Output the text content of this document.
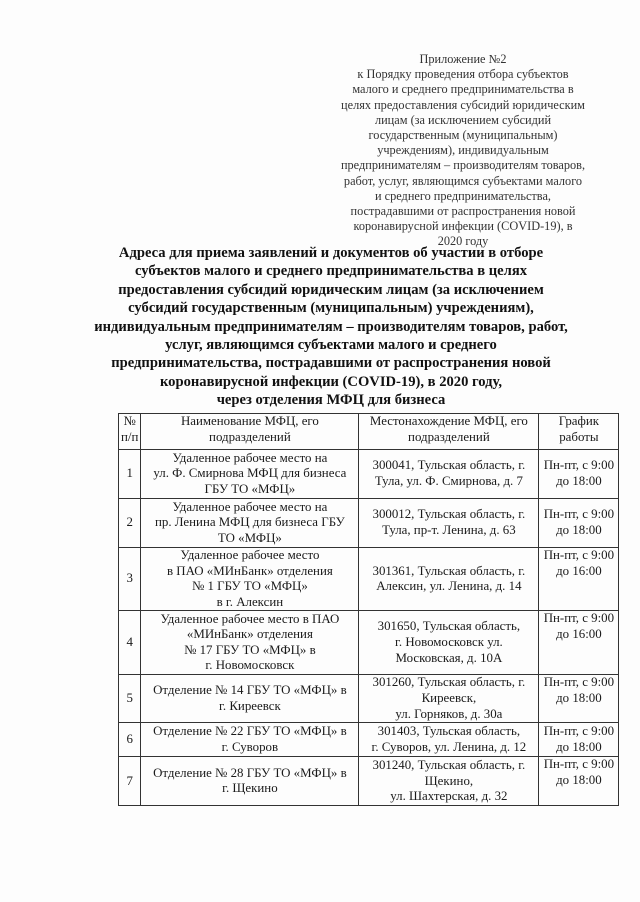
Приложение №2
к Порядку проведения отбора субъектов
малого и среднего предпринимательства в
целях предоставления субсидий юридическим
лицам (за исключением субсидий
государственным (муниципальным)
учреждениям), индивидуальным
предпринимателям – производителям товаров,
работ, услуг, являющимся субъектами малого
и среднего предпринимательства,
пострадавшими от распространения новой
коронавирусной инфекции (COVID-19), в
2020 году
Адреса для приема заявлений и документов об участии в отборе
субъектов малого и среднего предпринимательства в целях
предоставления субсидий юридическим лицам (за исключением
субсидий государственным (муниципальным) учреждениям),
индивидуальным предпринимателям – производителям товаров, работ,
услуг, являющимся субъектами малого и среднего
предпринимательства, пострадавшими от распространения новой
коронавирусной инфекции (COVID-19), в 2020 году,
через отделения МФЦ для бизнеса
№
п/п	Наименование МФЦ, его
подразделений	Местонахождение МФЦ, его
подразделений	График
работы

1	Удаленное рабочее место на
ул. Ф. Смирнова МФЦ для бизнеса
ГБУ ТО «МФЦ»	300041, Тульская область, г.
Тула, ул. Ф. Смирнова, д. 7	Пн-пт, с 9:00
до 18:00

2	Удаленное рабочее место на
пр. Ленина МФЦ для бизнеса ГБУ
ТО «МФЦ»	300012, Тульская область, г.
Тула, пр-т. Ленина, д. 63	Пн-пт, с 9:00
до 18:00

3	Удаленное рабочее место
в ПАО «МИнБанк» отделения
№ 1 ГБУ ТО «МФЦ»
в г. Алексин	301361, Тульская область, г.
Алексин, ул. Ленина, д. 14	Пн-пт, с 9:00
до 16:00

4	Удаленное рабочее место в ПАО
«МИнБанк» отделения
№ 17 ГБУ ТО «МФЦ» в
г. Новомосковск	301650, Тульская область,
г. Новомосковск ул.
Московская, д. 10А	Пн-пт, с 9:00
до 16:00

5	Отделение № 14 ГБУ ТО «МФЦ» в
г. Киреевск	301260, Тульская область, г.
Киреевск,
ул. Горняков, д. 30а	Пн-пт, с 9:00
до 18:00

6	Отделение № 22 ГБУ ТО «МФЦ» в
г. Суворов	301403, Тульская область,
г. Суворов, ул. Ленина, д. 12	Пн-пт, с 9:00
до 18:00

7	Отделение № 28 ГБУ ТО «МФЦ» в
г. Щекино	301240, Тульская область, г.
Щекино,
ул. Шахтерская, д. 32	Пн-пт, с 9:00
до 18:00
